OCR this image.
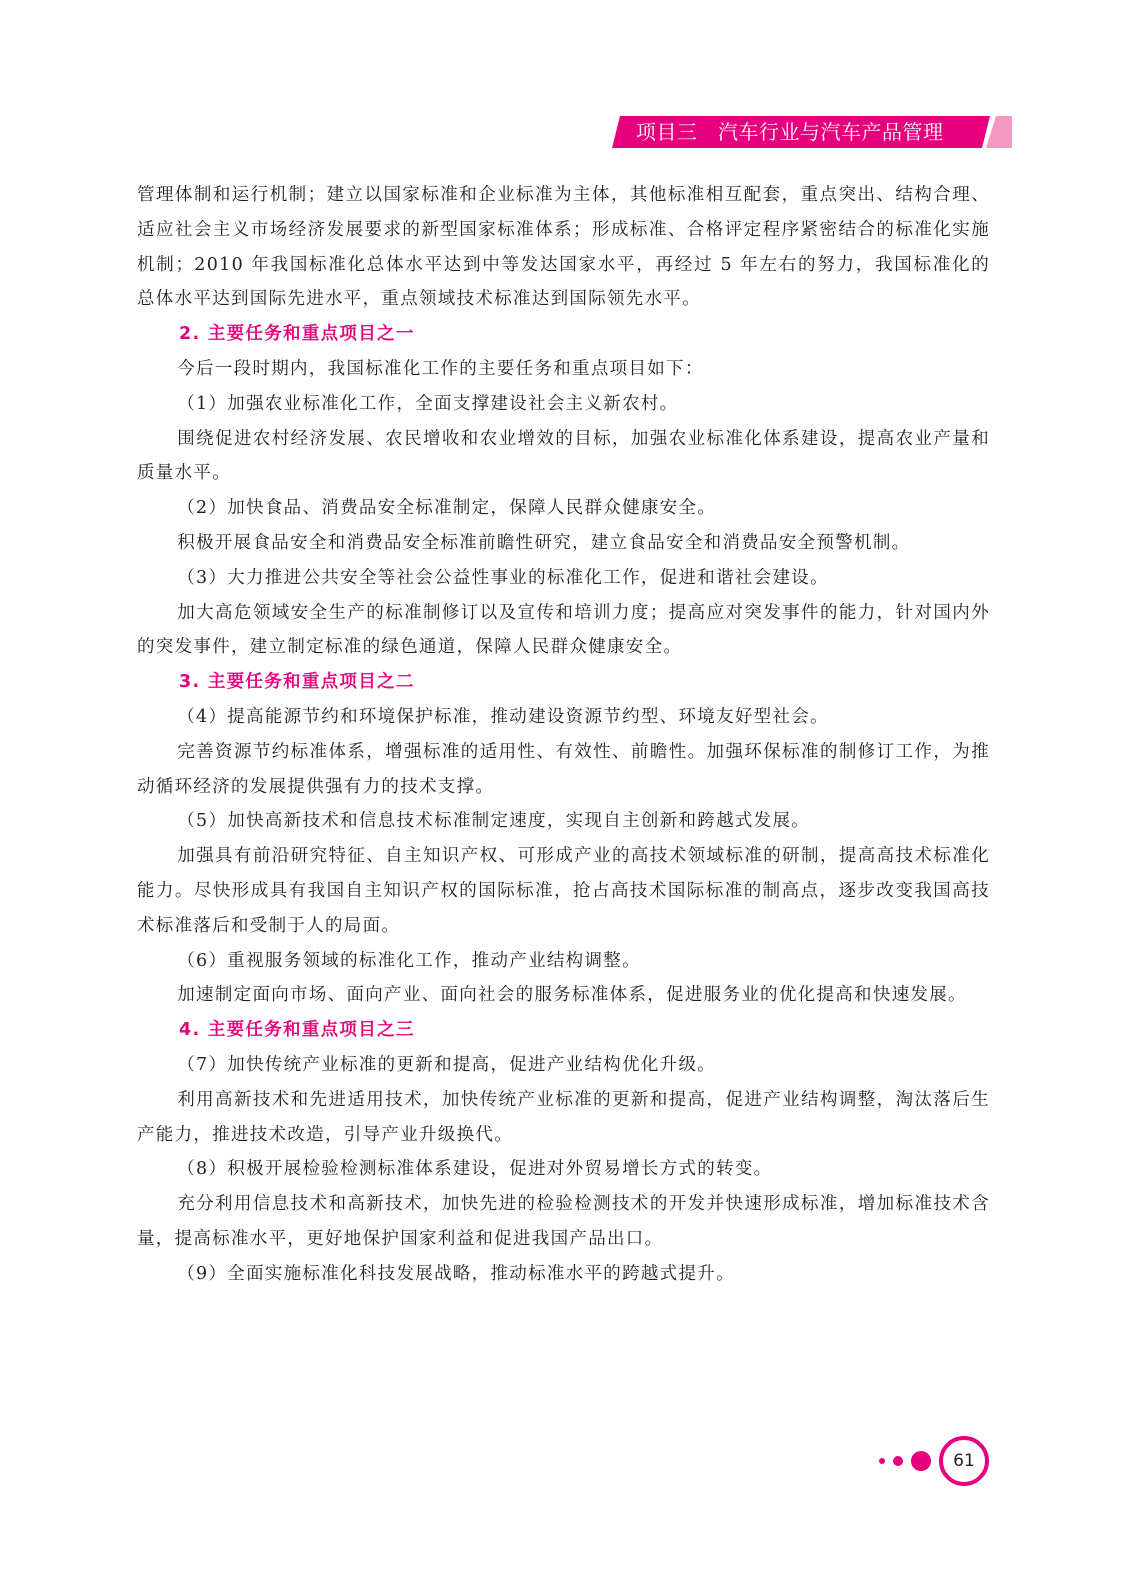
项目三　汽车行业与汽车产品管理

管理体制和运行机制；建立以国家标准和企业标准为主体，其他标准相互配套，重点突出、结构合理、适应社会主义市场经济发展要求的新型国家标准体系；形成标准、合格评定程序紧密结合的标准化实施机制；2010 年我国标准化总体水平达到中等发达国家水平，再经过 5 年左右的努力，我国标准化的总体水平达到国际先进水平，重点领域技术标准达到国际领先水平。

2. 主要任务和重点项目之一

今后一段时期内，我国标准化工作的主要任务和重点项目如下：

（1）加强农业标准化工作，全面支撑建设社会主义新农村。

围绕促进农村经济发展、农民增收和农业增效的目标，加强农业标准化体系建设，提高农业产量和质量水平。

（2）加快食品、消费品安全标准制定，保障人民群众健康安全。

积极开展食品安全和消费品安全标准前瞻性研究，建立食品安全和消费品安全预警机制。

（3）大力推进公共安全等社会公益性事业的标准化工作，促进和谐社会建设。

加大高危领域安全生产的标准制修订以及宣传和培训力度；提高应对突发事件的能力，针对国内外的突发事件，建立制定标准的绿色通道，保障人民群众健康安全。

3. 主要任务和重点项目之二

（4）提高能源节约和环境保护标准，推动建设资源节约型、环境友好型社会。

完善资源节约标准体系，增强标准的适用性、有效性、前瞻性。加强环保标准的制修订工作，为推动循环经济的发展提供强有力的技术支撑。

（5）加快高新技术和信息技术标准制定速度，实现自主创新和跨越式发展。

加强具有前沿研究特征、自主知识产权、可形成产业的高技术领域标准的研制，提高高技术标准化能力。尽快形成具有我国自主知识产权的国际标准，抢占高技术国际标准的制高点，逐步改变我国高技术标准落后和受制于人的局面。

（6）重视服务领域的标准化工作，推动产业结构调整。

加速制定面向市场、面向产业、面向社会的服务标准体系，促进服务业的优化提高和快速发展。

4. 主要任务和重点项目之三

（7）加快传统产业标准的更新和提高，促进产业结构优化升级。

利用高新技术和先进适用技术，加快传统产业标准的更新和提高，促进产业结构调整，淘汰落后生产能力，推进技术改造，引导产业升级换代。

（8）积极开展检验检测标准体系建设，促进对外贸易增长方式的转变。

充分利用信息技术和高新技术，加快先进的检验检测技术的开发并快速形成标准，增加标准技术含量，提高标准水平，更好地保护国家利益和促进我国产品出口。

（9）全面实施标准化科技发展战略，推动标准水平的跨越式提升。

61
